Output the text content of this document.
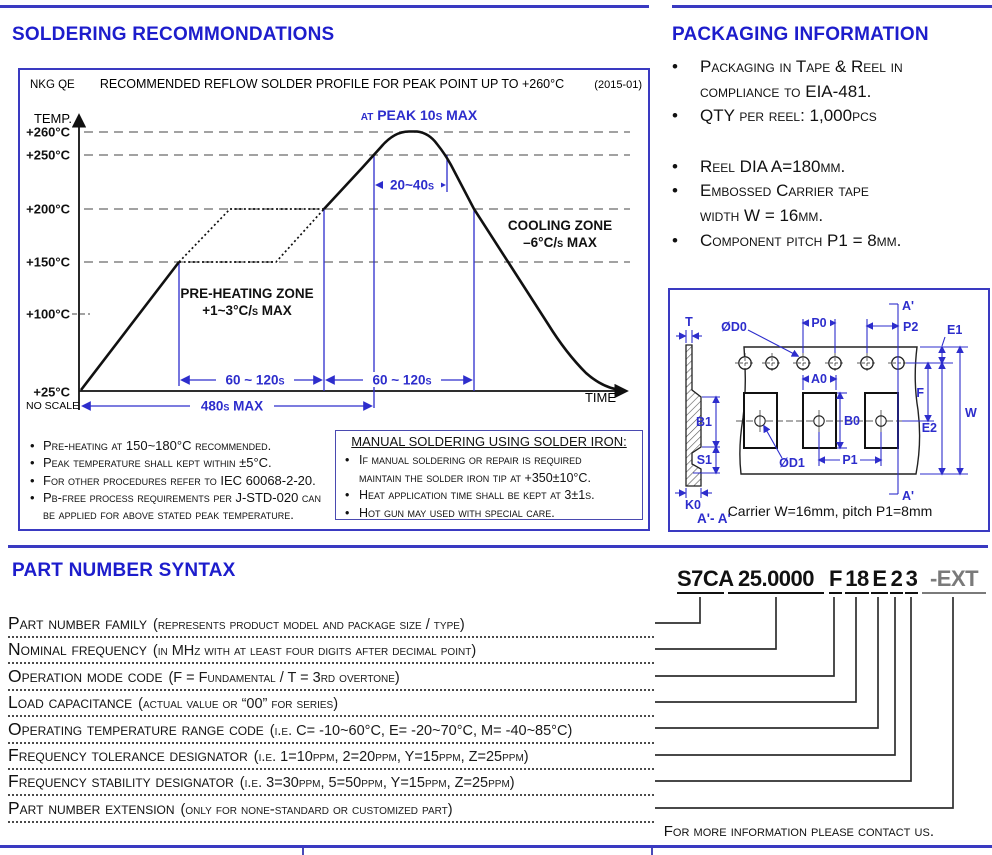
SOLDERING RECOMMONDATIONS	PACKAGING INFORMATION
NKG QE RECOMMENDED REFLOW SOLDER PROFILE FOR PEAK POINT UP TO +260°C	(2015-01)
TEMP.
TIME
NO SCALE
+260°C
+250°C
+200°C
+150°C
+100°C
+25°C
20~40s
60 ~ 120s	60 ~ 120s
480s MAX
at PEAK 10s MAX
COOLING ZONE
–6°C/s MAX
PRE-HEATING ZONE
+1~3°C/s MAX
•Pre-heating at 150~180°C recommended.
•Peak temperature shall kept within ±5°C.
•For other procedures refer to IEC 60068-2-20.
•Pb-free process requirements per J-STD-020 can
be applied for above stated peak temperature.
MANUAL SOLDERING USING SOLDER IRON:
•If manual soldering or repair is required
maintain the solder iron tip at +350±10°C.
•Heat application time shall be kept at 3±1s.
•Hot gun may used with special care.
•Packaging in Tape & Reel in
compliance to EIA-481.
•QTY per reel: 1,000pcs
•Reel DIA A=180mm.
•Embossed Carrier tape
width W = 16mm.
•Component pitch P1 = 8mm.
T ØD0	P0	P2
A'
E1
A0
F
W
B0
B1	E2
S1
K0
ØD1	P1
A'
A'- A'
Carrier W=16mm, pitch P1=8mm
PART NUMBER SYNTAX	S7CA 25.0000 F 18 E 2 3 -EXT
Part number family (represents product model and package size / type)
Nominal frequency (in MHz with at least four digits after decimal point)
Operation mode code (F = Fundamental / T = 3rd overtone)
Load capacitance (actual value or “00” for series)
Operating temperature range code (i.e. C= -10~60°C, E= -20~70°C, M= -40~85°C)
Frequency tolerance designator (i.e. 1=10ppm, 2=20ppm, Y=15ppm, Z=25ppm)
Frequency stability designator (i.e. 3=30ppm, 5=50ppm, Y=15ppm, Z=25ppm)
Part number extension (only for none-standard or customized part)
For more information please contact us.
